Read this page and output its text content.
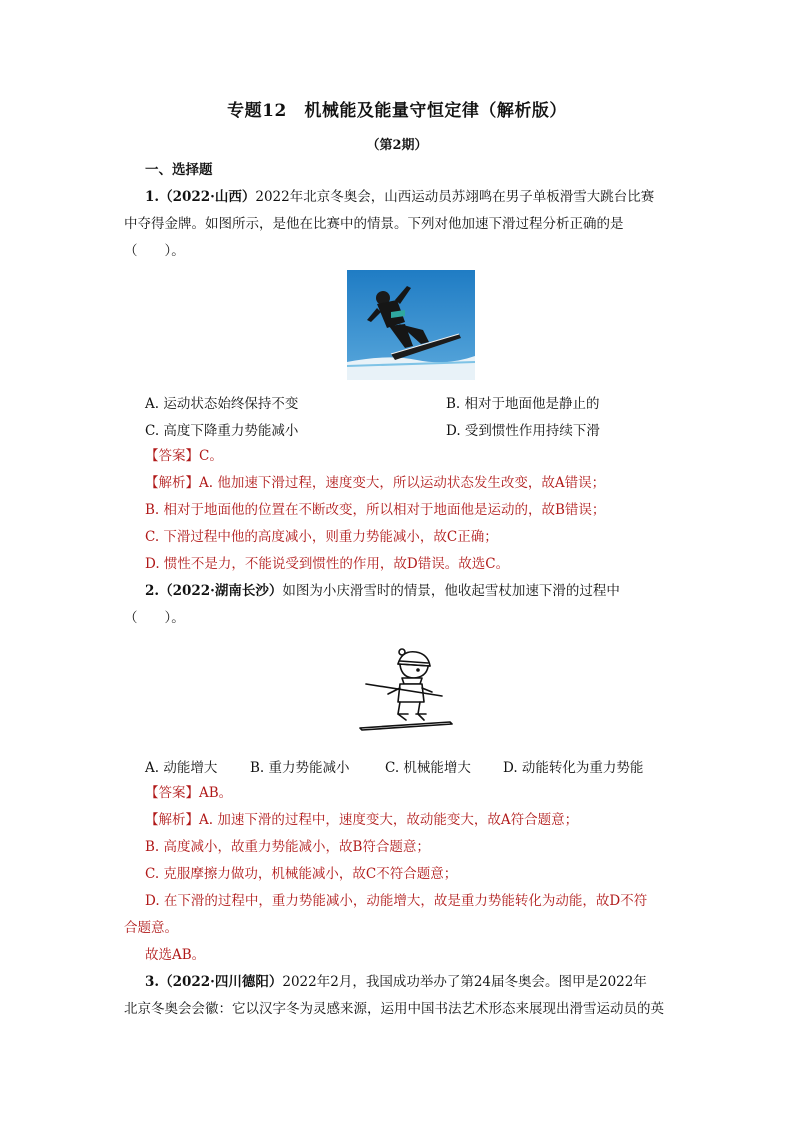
专题12　机械能及能量守恒定律（解析版）
（第2期）
一、选择题
1.（2022·山西）2022年北京冬奥会，山西运动员苏翊鸣在男子单板滑雪大跳台比赛
中夺得金牌。如图所示，是他在比赛中的情景。下列对他加速下滑过程分析正确的是
（　　）。
A. 运动状态始终保持不变	B. 相对于地面他是静止的
C. 高度下降重力势能减小	D. 受到惯性作用持续下滑
【答案】C。
【解析】A. 他加速下滑过程，速度变大，所以运动状态发生改变，故A错误；
B. 相对于地面他的位置在不断改变，所以相对于地面他是运动的，故B错误；
C. 下滑过程中他的高度减小，则重力势能减小，故C正确；
D. 惯性不是力，不能说受到惯性的作用，故D错误。故选C。
2.（2022·湖南长沙）如图为小庆滑雪时的情景，他收起雪杖加速下滑的过程中
（　　）。
A. 动能增大 B. 重力势能减小	C. 机械能增大 D. 动能转化为重力势能
【答案】AB。
【解析】A. 加速下滑的过程中，速度变大，故动能变大，故A符合题意；
B. 高度减小，故重力势能减小，故B符合题意；
C. 克服摩擦力做功，机械能减小，故C不符合题意；
D. 在下滑的过程中，重力势能减小，动能增大，故是重力势能转化为动能，故D不符
合题意。
故选AB。
3.（2022·四川德阳）2022年2月，我国成功举办了第24届冬奥会。图甲是2022年
北京冬奥会会徽：它以汉字冬为灵感来源，运用中国书法艺术形态来展现出滑雪运动员的英
